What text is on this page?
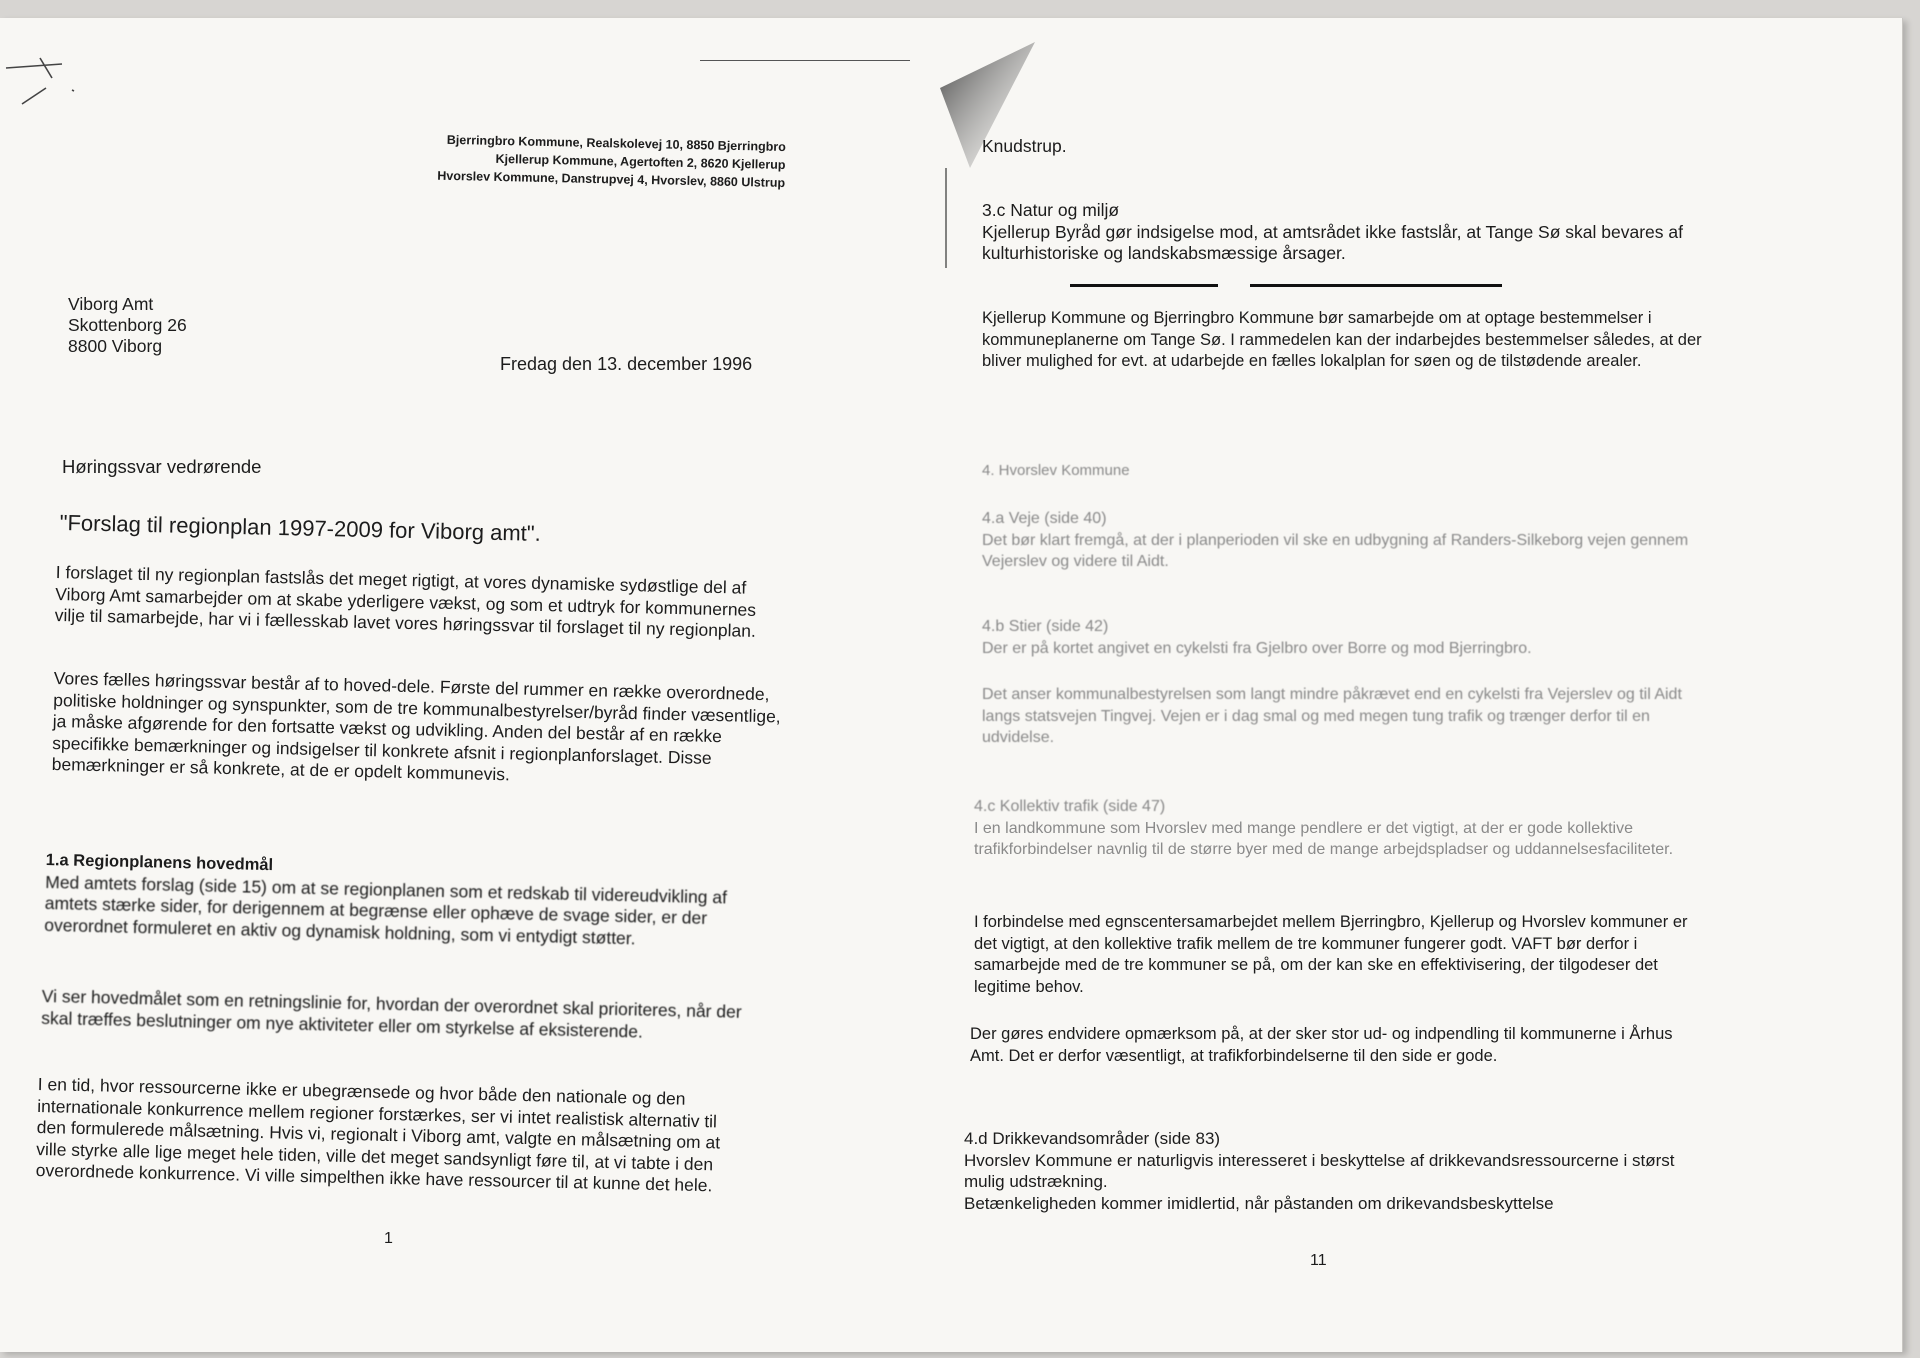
Bjerringbro Kommune, Realskolevej 10, 8850 Bjerringbro
Kjellerup Kommune, Agertoften 2, 8620 Kjellerup
Hvorslev Kommune, Danstrupvej 4, Hvorslev, 8860 Ulstrup
Viborg Amt
Skottenborg 26
8800 Viborg
Fredag den 13. december 1996
Høringssvar vedrørende
"Forslag til regionplan 1997-2009 for Viborg amt".

I forslaget til ny regionplan fastslås det meget rigtigt, at vores dynamiske sydøstlige del af Viborg Amt samarbejder om at skabe yderligere vækst, og som et udtryk for kommunernes vilje til samarbejde, har vi i fællesskab lavet vores høringssvar til forslaget til ny regionplan.

Vores fælles høringssvar består af to hoved-dele. Første del rummer en række overordnede, politiske holdninger og synspunkter, som de tre kommunalbestyrelser/byråd finder væsentlige, ja måske afgørende for den fortsatte vækst og udvikling. Anden del består af en række specifikke bemærkninger og indsigelser til konkrete afsnit i regionplanforslaget. Disse bemærkninger er så konkrete, at de er opdelt kommunevis.

1.a Regionplanens hovedmål

Med amtets forslag (side 15) om at se regionplanen som et redskab til videreudvikling af amtets stærke sider, for derigennem at begrænse eller ophæve de svage sider, er der overordnet formuleret en aktiv og dynamisk holdning, som vi entydigt støtter.

Vi ser hovedmålet som en retningslinie for, hvordan der overordnet skal prioriteres, når der skal træffes beslutninger om nye aktiviteter eller om styrkelse af eksisterende.

I en tid, hvor ressourcerne ikke er ubegrænsede og hvor både den nationale og den internationale konkurrence mellem regioner forstærkes, ser vi intet realistisk alternativ til den formulerede målsætning. Hvis vi, regionalt i Viborg amt, valgte en målsætning om at ville styrke alle lige meget hele tiden, ville det meget sandsynligt føre til, at vi tabte i den overordnede konkurrence. Vi ville simpelthen ikke have ressourcer til at kunne det hele.

1
Knudstrup.

3.c Natur og miljø

Kjellerup Byråd gør indsigelse mod, at amtsrådet ikke fastslår, at Tange Sø skal bevares af kulturhistoriske og landskabsmæssige årsager.

Kjellerup Kommune og Bjerringbro Kommune bør samarbejde om at optage bestemmelser i kommuneplanerne om Tange Sø. I rammedelen kan der indarbejdes bestemmelser således, at der bliver mulighed for evt. at udarbejde en fælles lokalplan for søen og de tilstødende arealer.

4. Hvorslev Kommune

4.a Veje (side 40)

Det bør klart fremgå, at der i planperioden vil ske en udbygning af Randers-Silkeborg vejen gennem Vejerslev og videre til Aidt.

4.b Stier (side 42)

Der er på kortet angivet en cykelsti fra Gjelbro over Borre og mod Bjerringbro.

Det anser kommunalbestyrelsen som langt mindre påkrævet end en cykelsti fra Vejerslev og til Aidt langs statsvejen Tingvej. Vejen er i dag smal og med megen tung trafik og trænger derfor til en udvidelse.

4.c Kollektiv trafik (side 47)

I en landkommune som Hvorslev med mange pendlere er det vigtigt, at der er gode kollektive trafikforbindelser navnlig til de større byer med de mange arbejdspladser og uddannelsesfaciliteter.

I forbindelse med egnscentersamarbejdet mellem Bjerringbro, Kjellerup og Hvorslev kommuner er det vigtigt, at den kollektive trafik mellem de tre kommuner fungerer godt. VAFT bør derfor i samarbejde med de tre kommuner se på, om der kan ske en effektivisering, der tilgodeser det legitime behov.

Der gøres endvidere opmærksom på, at der sker stor ud- og indpendling til kommunerne i Århus Amt. Det er derfor væsentligt, at trafikforbindelserne til den side er gode.

4.d Drikkevandsområder (side 83)

Hvorslev Kommune er naturligvis interesseret i beskyttelse af drikkevandsressourcerne i størst mulig udstrækning.

Betænkeligheden kommer imidlertid, når påstanden om drikevandsbeskyttelse

11
